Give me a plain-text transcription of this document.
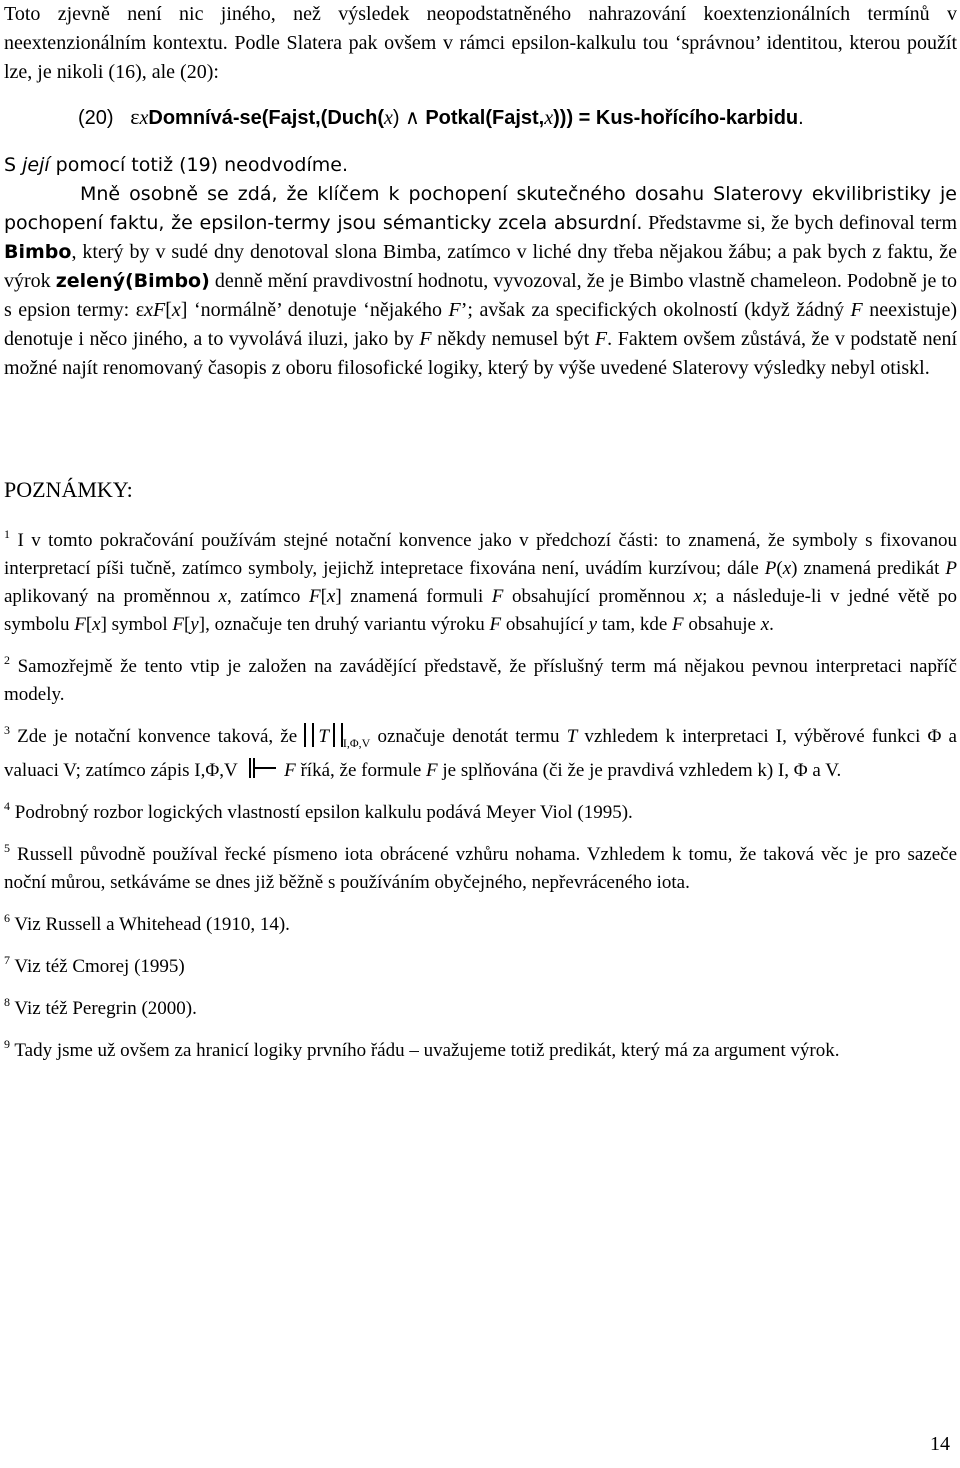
Toto zjevně není nic jiného, než výsledek neopodstatněného nahrazování koextenzionálních termínů v neextenzionálním kontextu. Podle Slatera pak ovšem v rámci epsilon-kalkulu tou ‘správnou’ identitou, kterou použít lze, je nikoli (16), ale (20):

(20) εxDomnívá-se(Fajst,(Duch(x) ∧ Potkal(Fajst,x))) = Kus-hořícího-karbidu.

S její pomocí totiž (19) neodvodíme.

Mně osobně se zdá, že klíčem k pochopení skutečného dosahu Slaterovy ekvilibristiky je pochopení faktu, že epsilon-termy jsou sémanticky zcela absurdní. Představme si, že bych definoval term Bimbo, který by v sudé dny denotoval slona Bimba, zatímco v liché dny třeba nějakou žábu; a pak bych z faktu, že výrok zelený(Bimbo) denně mění pravdivostní hodnotu, vyvozoval, že je Bimbo vlastně chameleon. Podobně je to s epsion termy: εxF[x] ‘normálně’ denotuje ‘nějakého F’; avšak za specifických okolností (když žádný F neexistuje) denotuje i něco jiného, a to vyvolává iluzi, jako by F někdy nemusel být F. Faktem ovšem zůstává, že v podstatě není možné najít renomovaný časopis z oboru filosofické logiky, který by výše uvedené Slaterovy výsledky nebyl otiskl.

POZNÁMKY:

$^1$ I v tomto pokračování používám stejné notační konvence jako v předchozí části: to znamená, že symboly s fixovanou interpretací píši tučně, zatímco symboly, jejichž intepretace fixována není, uvádím kurzívou; dále P(x) znamená predikát P aplikovaný na proměnnou x, zatímco F[x] znamená formuli F obsahující proměnnou x; a následuje-li v jedné větě po symbolu F[x] symbol F[y], označuje ten druhý variantu výroku F obsahující y tam, kde F obsahuje x.

$^2$ Samozřejmě že tento vtip je založen na zavádějící představě, že příslušný term má nějakou pevnou interpretaci napříč modely.

$^3$ Zde je notační konvence taková, že T $_{I,\Phi,V}$ označuje denotát termu T vzhledem k interpretaci I, výběrové funkci Φ a valuaci V; zatímco zápis I,Φ,V F říká, že formule F je splňována (či že je pravdivá vzhledem k) I, Φ a V.

$^4$ Podrobný rozbor logických vlastností epsilon kalkulu podává Meyer Viol (1995).

$^5$ Russell původně používal řecké písmeno iota obrácené vzhůru nohama. Vzhledem k tomu, že taková věc je pro sazeče noční můrou, setkáváme se dnes již běžně s používáním obyčejného, nepřevráceného iota.

$^6$ Viz Russell a Whitehead (1910, 14).

$^7$ Viz též Cmorej (1995)

$^8$ Viz též Peregrin (2000).

$^9$ Tady jsme už ovšem za hranicí logiky prvního řádu – uvažujeme totiž predikát, který má za argument výrok.

14
